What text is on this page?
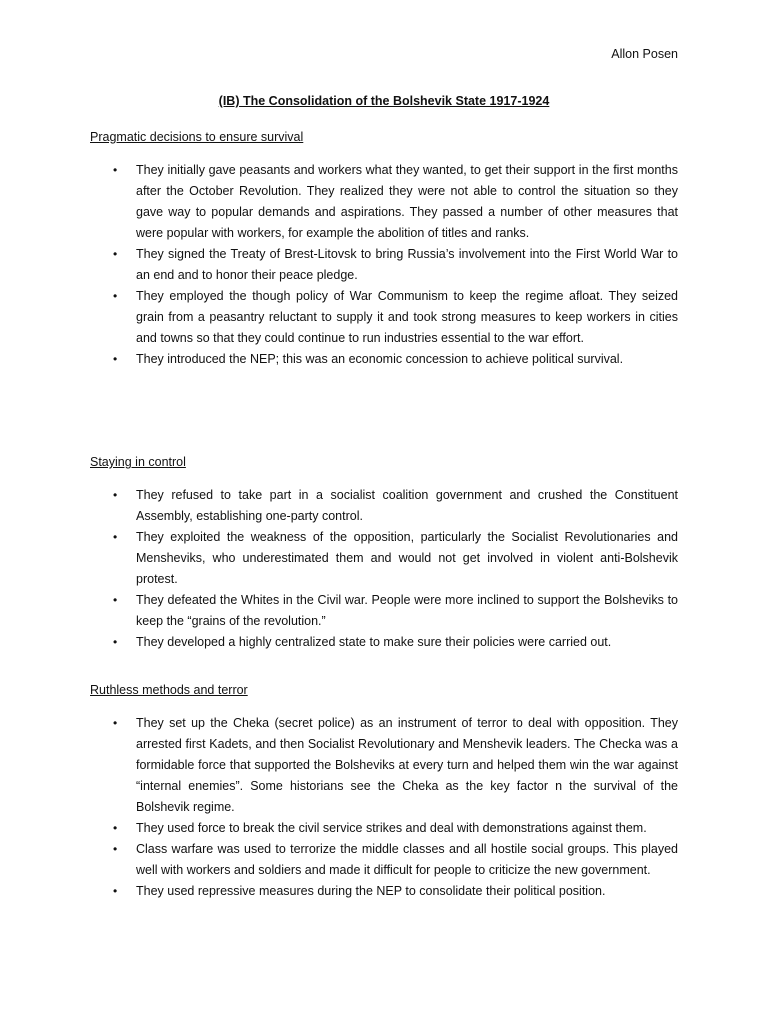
Allon Posen
(IB) The Consolidation of the Bolshevik State 1917-1924
Pragmatic decisions to ensure survival
• They initially gave peasants and workers what they wanted, to get their support in the first months after the October Revolution. They realized they were not able to control the situation so they gave way to popular demands and aspirations. They passed a number of other measures that were popular with workers, for example the abolition of titles and ranks.
• They signed the Treaty of Brest-Litovsk to bring Russia’s involvement into the First World War to an end and to honor their peace pledge.
• They employed the though policy of War Communism to keep the regime afloat. They seized grain from a peasantry reluctant to supply it and took strong measures to keep workers in cities and towns so that they could continue to run industries essential to the war effort.
• They introduced the NEP; this was an economic concession to achieve political survival.
Staying in control
• They refused to take part in a socialist coalition government and crushed the Constituent Assembly, establishing one-party control.
• They exploited the weakness of the opposition, particularly the Socialist Revolutionaries and Mensheviks, who underestimated them and would not get involved in violent anti-Bolshevik protest.
• They defeated the Whites in the Civil war. People were more inclined to support the Bolsheviks to keep the “grains of the revolution.”
• They developed a highly centralized state to make sure their policies were carried out.
Ruthless methods and terror
• They set up the Cheka (secret police) as an instrument of terror to deal with opposition. They arrested first Kadets, and then Socialist Revolutionary and Menshevik leaders. The Checka was a formidable force that supported the Bolsheviks at every turn and helped them win the war against “internal enemies”. Some historians see the Cheka as the key factor n the survival of the Bolshevik regime.
• They used force to break the civil service strikes and deal with demonstrations against them.
• Class warfare was used to terrorize the middle classes and all hostile social groups. This played well with workers and soldiers and made it difficult for people to criticize the new government.
• They used repressive measures during the NEP to consolidate their political position.
